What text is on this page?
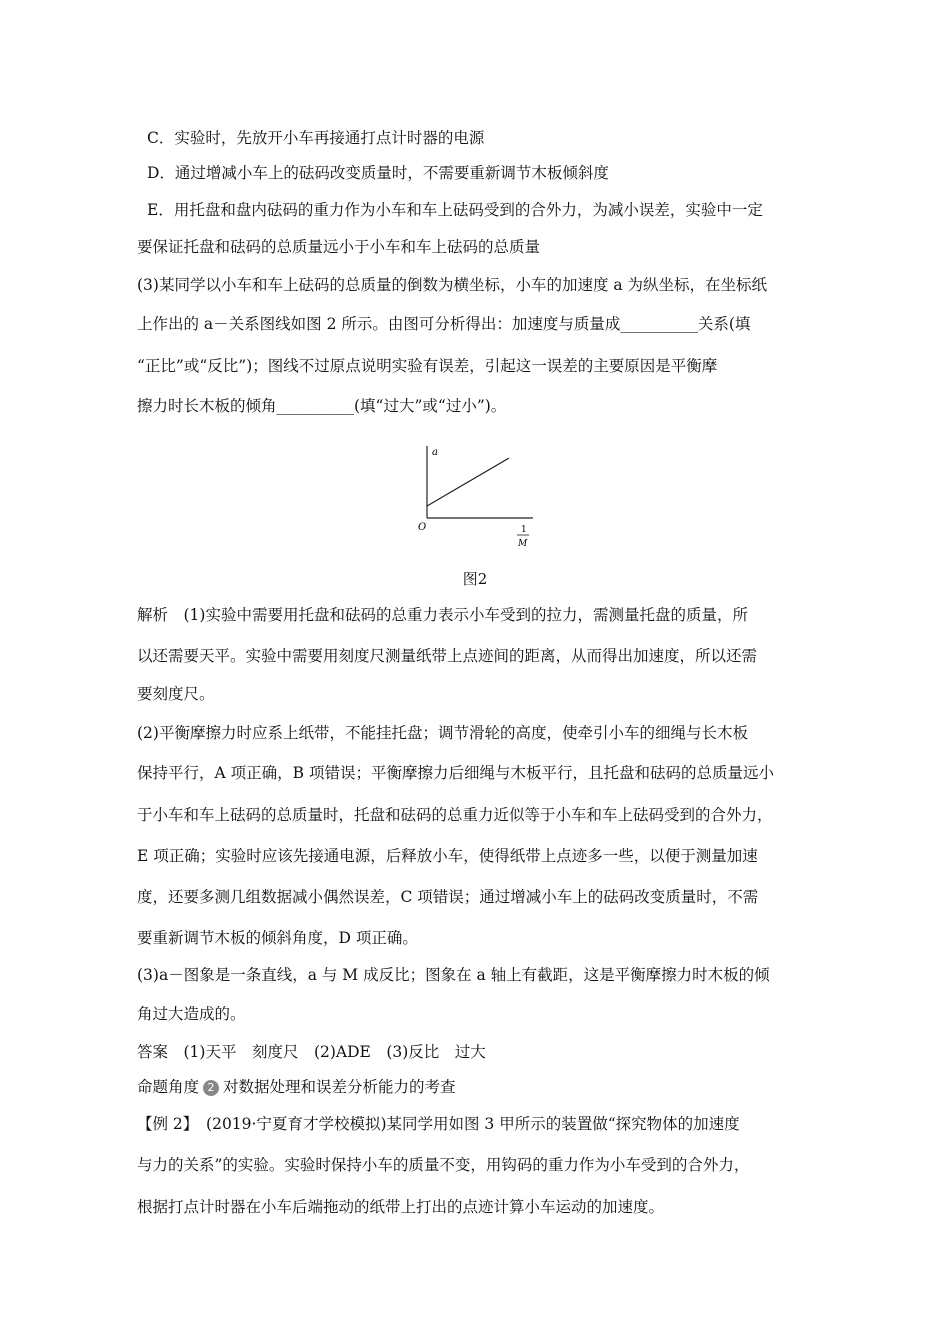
C．实验时，先放开小车再接通打点计时器的电源
D．通过增减小车上的砝码改变质量时，不需要重新调节木板倾斜度
E．用托盘和盘内砝码的重力作为小车和车上砝码受到的合外力，为减小误差，实验中一定
要保证托盘和砝码的总质量远小于小车和车上砝码的总质量
(3)某同学以小车和车上砝码的总质量的倒数为横坐标，小车的加速度 a 为纵坐标，在坐标纸
上作出的 a－关系图线如图 2 所示。由图可分析得出：加速度与质量成__________关系(填
“正比”或“反比”)；图线不过原点说明实验有误差，引起这一误差的主要原因是平衡摩
擦力时长木板的倾角__________(填“过大”或“过小”)。
a
O	1
M
图2
解析　(1)实验中需要用托盘和砝码的总重力表示小车受到的拉力，需测量托盘的质量，所
以还需要天平。实验中需要用刻度尺测量纸带上点迹间的距离，从而得出加速度，所以还需
要刻度尺。
(2)平衡摩擦力时应系上纸带，不能挂托盘；调节滑轮的高度，使牵引小车的细绳与长木板
保持平行，A 项正确，B 项错误；平衡摩擦力后细绳与木板平行，且托盘和砝码的总质量远小
于小车和车上砝码的总质量时，托盘和砝码的总重力近似等于小车和车上砝码受到的合外力，
E 项正确；实验时应该先接通电源，后释放小车，使得纸带上点迹多一些，以便于测量加速
度，还要多测几组数据减小偶然误差，C 项错误；通过增减小车上的砝码改变质量时，不需
要重新调节木板的倾斜角度，D 项正确。
(3)a－图象是一条直线，a 与 M 成反比；图象在 a 轴上有截距，这是平衡摩擦力时木板的倾
角过大造成的。
答案　(1)天平　刻度尺　(2)ADE　(3)反比　过大
命题角度 2 对数据处理和误差分析能力的考查
【例 2】　(2019·宁夏育才学校模拟)某同学用如图 3 甲所示的装置做“探究物体的加速度
与力的关系”的实验。实验时保持小车的质量不变，用钩码的重力作为小车受到的合外力，
根据打点计时器在小车后端拖动的纸带上打出的点迹计算小车运动的加速度。
